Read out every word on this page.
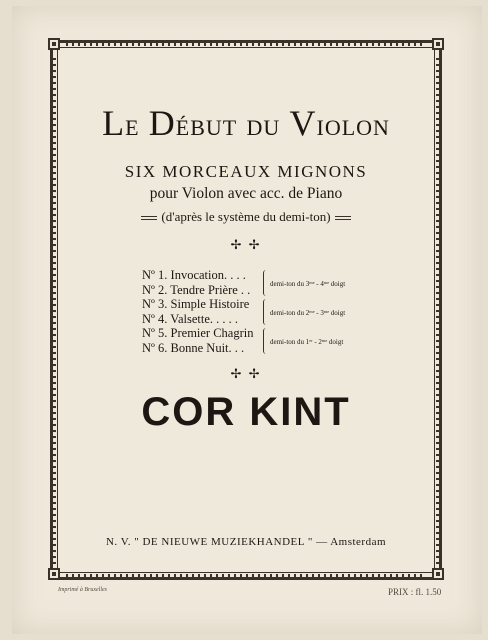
LE DÉBUT DU VIOLON
SIX MORCEAUX MIGNONS
pour Violon avec acc. de Piano
(d'après le système du demi-ton)
✢ ✢
Nº 1. Invocation. . . .
Nº 2. Tendre Prière . .
Nº 3. Simple Histoire
Nº 4. Valsette. . . . .
Nº 5. Premier Chagrin
Nº 6. Bonne Nuit. . .
demi-ton du 3ᵐᵉ - 4ᵐᵉ doigt
demi-ton du 2ᵐᵉ - 3ᵐᵉ doigt
demi-ton du 1ᵉʳ - 2ᵐᵉ doigt
✢ ✢
COR KINT
N. V. " DE NIEUWE MUZIEKHANDEL " — Amsterdam
Imprimé à Bruxelles	PRIX : fl. 1.50
